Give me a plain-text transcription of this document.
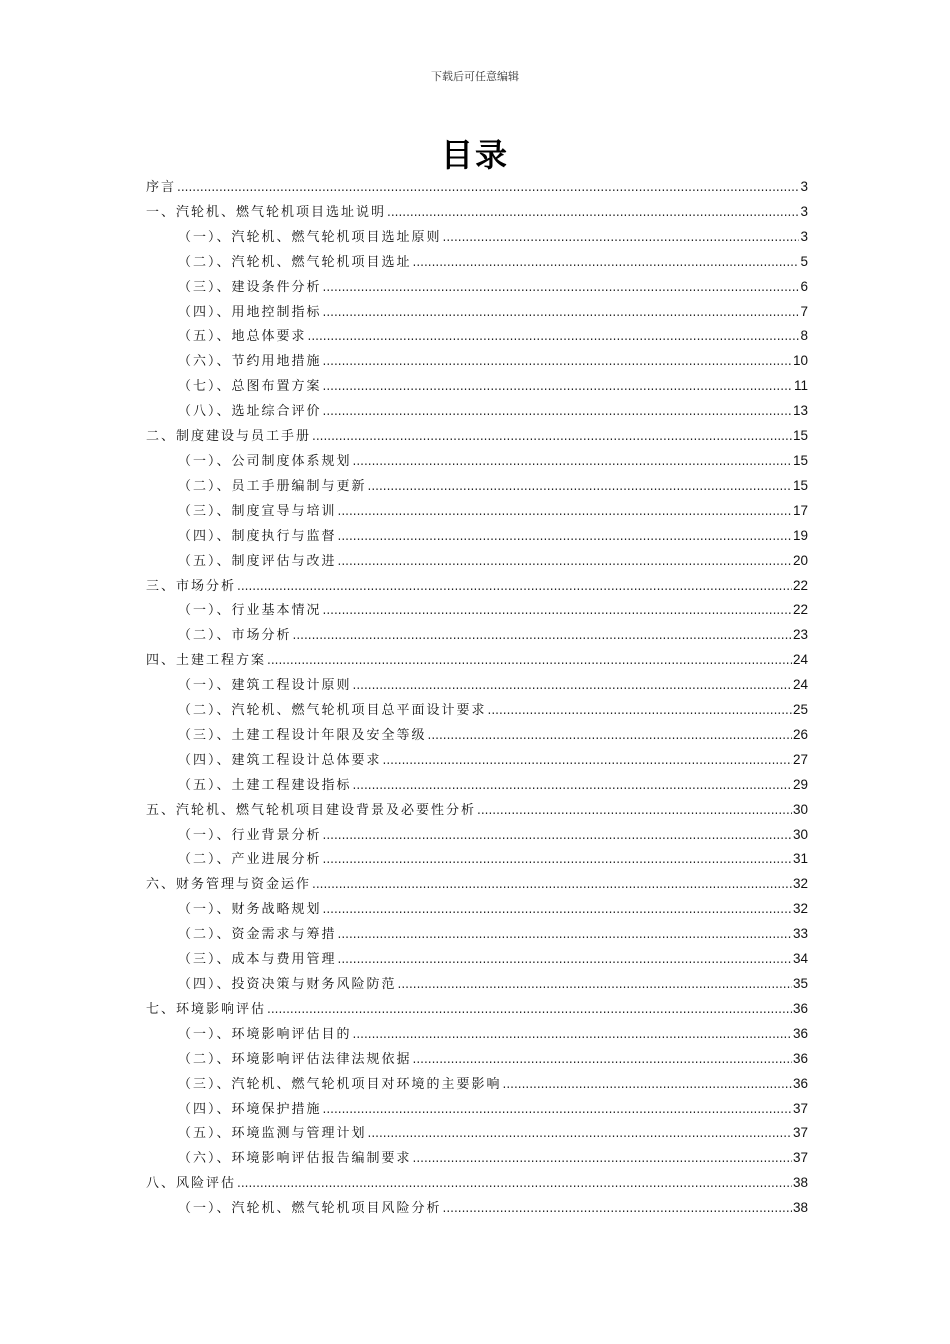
下载后可任意编辑
目录
序言 .....	3
一、汽轮机、燃气轮机项目选址说明 .....	3
（一）、汽轮机、燃气轮机项目选址原则 .....	3
（二）、汽轮机、燃气轮机项目选址 .....	5
（三）、建设条件分析 .....	6
（四）、用地控制指标 .....	7
（五）、地总体要求 .....	8
（六）、节约用地措施 .....	10
（七）、总图布置方案 .....	11
（八）、选址综合评价 .....	13
二、制度建设与员工手册 .....	15
（一）、公司制度体系规划 .....	15
（二）、员工手册编制与更新 .....	15
（三）、制度宣导与培训 .....	17
（四）、制度执行与监督 .....	19
（五）、制度评估与改进 .....	20
三、市场分析 .....	22
（一）、行业基本情况 .....	22
（二）、市场分析 .....	23
四、土建工程方案 .....	24
（一）、建筑工程设计原则 .....	24
（二）、汽轮机、燃气轮机项目总平面设计要求 .....	25
（三）、土建工程设计年限及安全等级 .....	26
（四）、建筑工程设计总体要求 .....	27
（五）、土建工程建设指标 .....	29
五、汽轮机、燃气轮机项目建设背景及必要性分析 .....	30
（一）、行业背景分析 .....	30
（二）、产业进展分析 .....	31
六、财务管理与资金运作 .....	32
（一）、财务战略规划 .....	32
（二）、资金需求与筹措 .....	33
（三）、成本与费用管理 .....	34
（四）、投资决策与财务风险防范 .....	35
七、环境影响评估 .....	36
（一）、环境影响评估目的 .....	36
（二）、环境影响评估法律法规依据 .....	36
（三）、汽轮机、燃气轮机项目对环境的主要影响 .....	36
（四）、环境保护措施 .....	37
（五）、环境监测与管理计划 .....	37
（六）、环境影响评估报告编制要求 .....	37
八、风险评估 .....	38
（一）、汽轮机、燃气轮机项目风险分析 .....	38
